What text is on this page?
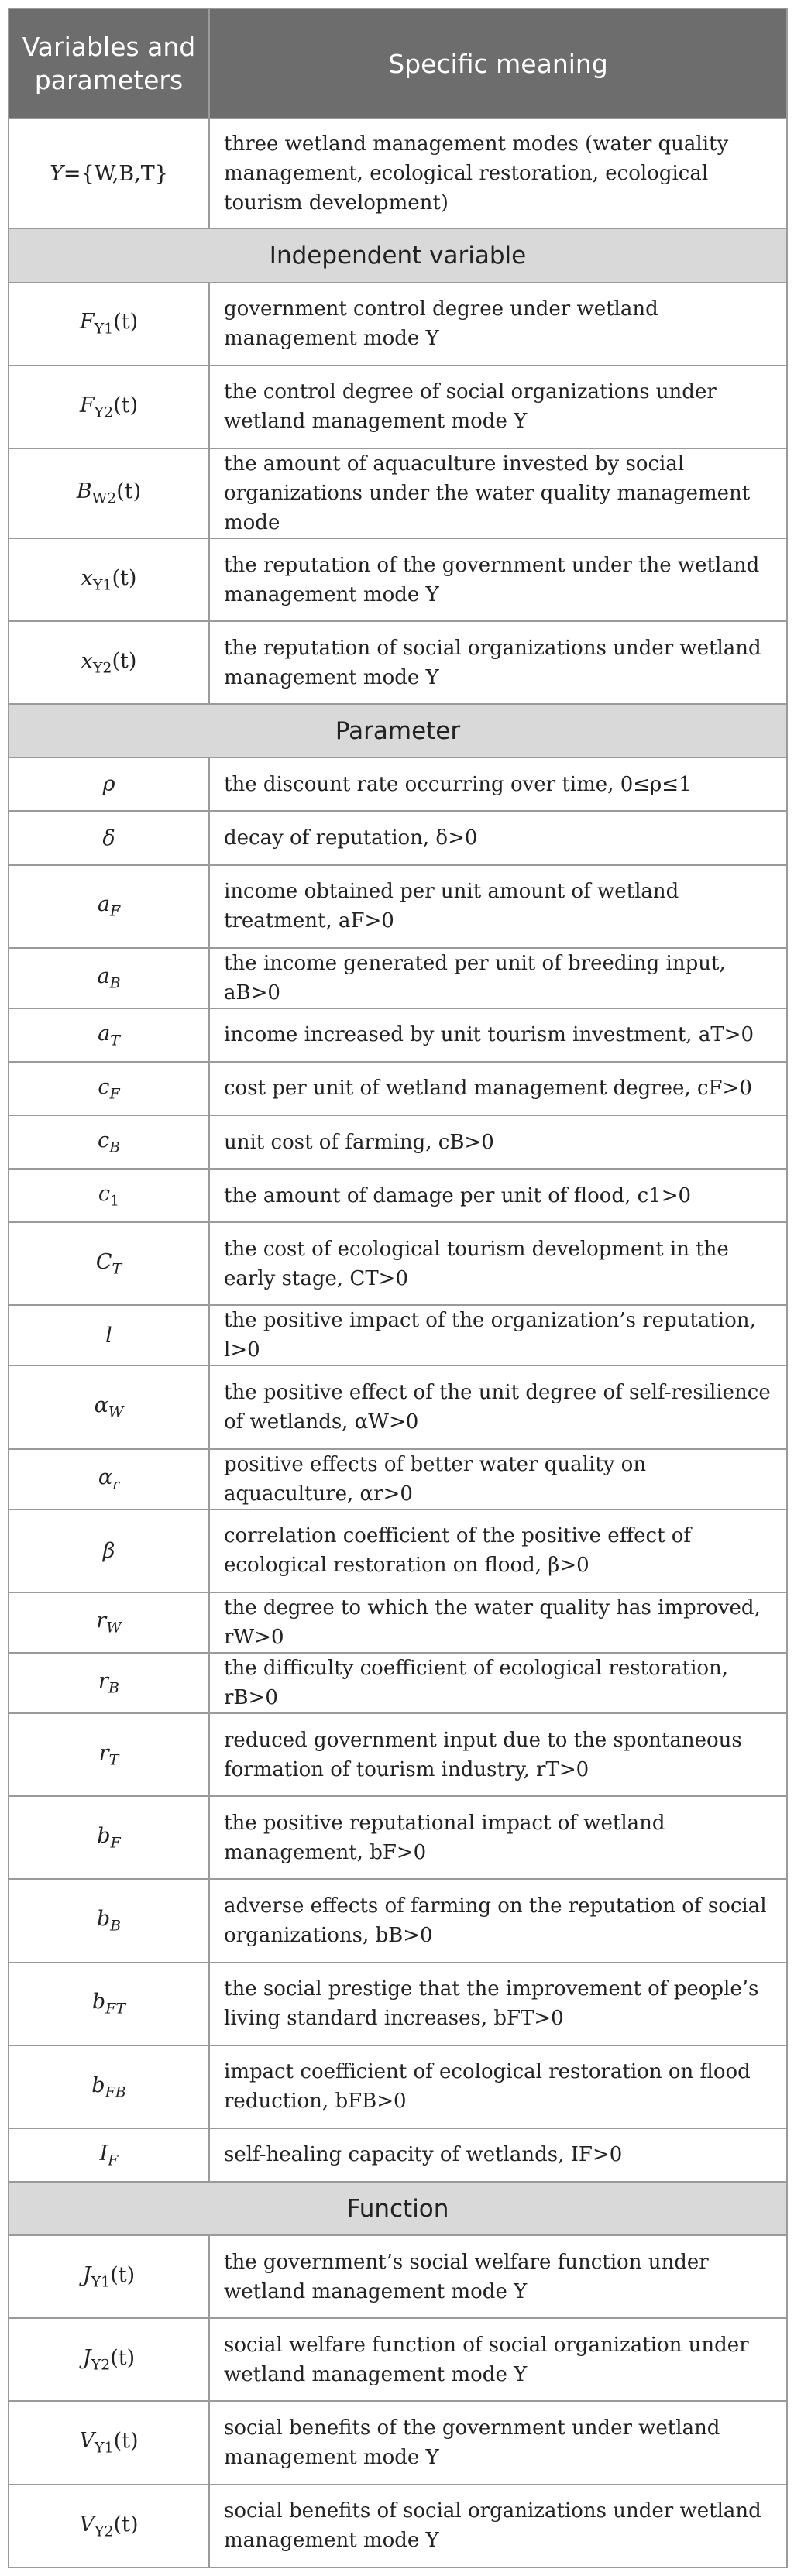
Variables and parameters	Specific meaning
Y={W,B,T}	three wetland management modes (water quality management, ecological restoration, ecological tourism development)
Independent variable	
$F_{Y1}(t)$	government control degree under wetland management mode Y
$F_{Y2}(t)$	the control degree of social organizations under wetland management mode Y
$B_{W2}(t)$	the amount of aquaculture invested by social organizations under the water quality management mode
$x_{Y1}(t)$	the reputation of the government under the wetland management mode Y
$x_{Y2}(t)$	the reputation of social organizations under wetland management mode Y
Parameter	
ρ	the discount rate occurring over time, 0≤ρ≤1
δ	decay of reputation, δ>0
$a_F$	income obtained per unit amount of wetland treatment, aF>0
$a_B$	the income generated per unit of breeding input, aB>0
$a_T$	income increased by unit tourism investment, aT>0
$c_F$	cost per unit of wetland management degree, cF>0
$c_B$	unit cost of farming, cB>0
$c_1$	the amount of damage per unit of flood, c1>0
$C_T$	the cost of ecological tourism development in the early stage, CT>0
l	the positive impact of the organization’s reputation, l>0
$\alpha_W$	the positive effect of the unit degree of self-resilience of wetlands, αW>0
$\alpha_r$	positive effects of better water quality on aquaculture, αr>0
β	correlation coefficient of the positive effect of ecological restoration on flood, β>0
$r_W$	the degree to which the water quality has improved, rW>0
$r_B$	the difficulty coefficient of ecological restoration, rB>0
$r_T$	reduced government input due to the spontaneous formation of tourism industry, rT>0
$b_F$	the positive reputational impact of wetland management, bF>0
$b_B$	adverse effects of farming on the reputation of social organizations, bB>0
$b_{FT}$	the social prestige that the improvement of people’s living standard increases, bFT>0
$b_{FB}$	impact coefficient of ecological restoration on flood reduction, bFB>0
$I_F$	self-healing capacity of wetlands, IF>0
Function	
$J_{Y1}(t)$	the government’s social welfare function under wetland management mode Y
$J_{Y2}(t)$	social welfare function of social organization under wetland management mode Y
$V_{Y1}(t)$	social benefits of the government under wetland management mode Y
$V_{Y2}(t)$	social benefits of social organizations under wetland management mode Y
